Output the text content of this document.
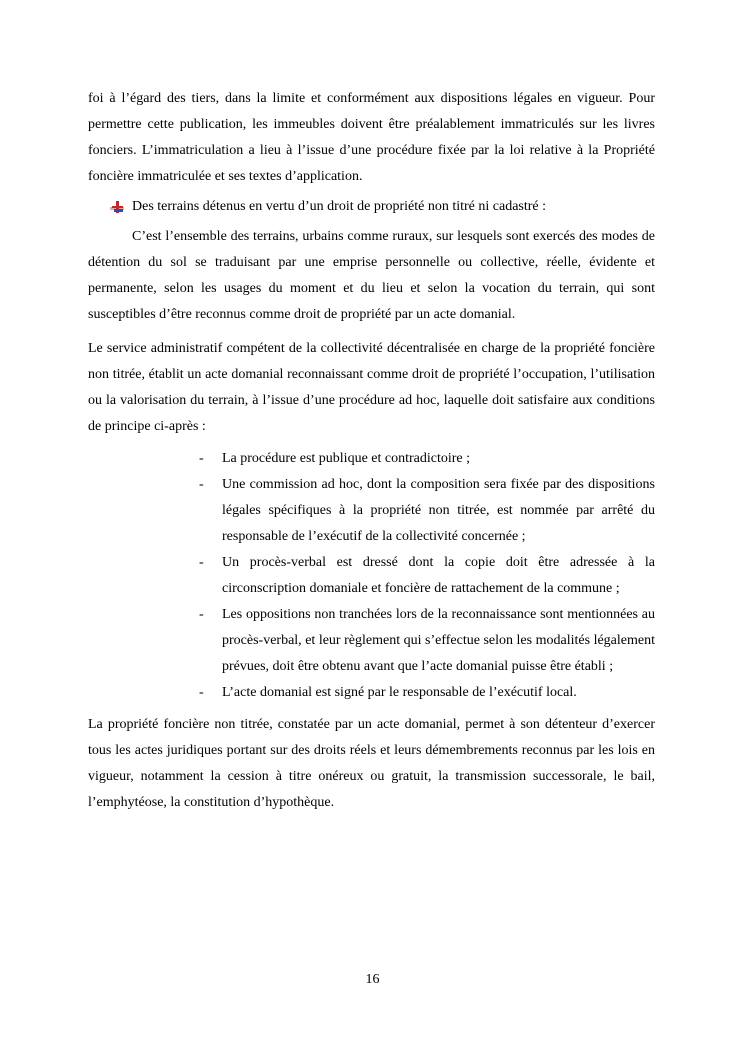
foi à l’égard des tiers, dans la limite et conformément aux dispositions légales en vigueur. Pour permettre cette publication, les immeubles doivent être préalablement immatriculés sur les livres fonciers. L’immatriculation a lieu à l’issue d’une procédure fixée par la loi relative à la Propriété foncière immatriculée et ses textes d’application.

Des terrains détenus en vertu d’un droit de propriété non titré ni cadastré :

C’est l’ensemble des terrains, urbains comme ruraux, sur lesquels sont exercés des modes de détention du sol se traduisant par une emprise personnelle ou collective, réelle, évidente et permanente, selon les usages du moment et du lieu et selon la vocation du terrain, qui sont susceptibles d’être reconnus comme droit de propriété par un acte domanial.

Le service administratif compétent de la collectivité décentralisée en charge de la propriété foncière non titrée, établit un acte domanial reconnaissant comme droit de propriété l’occupation, l’utilisation ou la valorisation du terrain, à l’issue d’une procédure ad hoc, laquelle doit satisfaire aux conditions de principe ci-après :

- La procédure est publique et contradictoire ;
- Une commission ad hoc, dont la composition sera fixée par des dispositions légales spécifiques à la propriété non titrée, est nommée par arrêté du responsable de l’exécutif de la collectivité concernée ;
- Un procès-verbal est dressé dont la copie doit être adressée à la circonscription domaniale et foncière de rattachement de la commune ;
- Les oppositions non tranchées lors de la reconnaissance sont mentionnées au procès-verbal, et leur règlement qui s’effectue selon les modalités légalement prévues, doit être obtenu avant que l’acte domanial puisse être établi ;
- L’acte domanial est signé par le responsable de l’exécutif local.

La propriété foncière non titrée, constatée par un acte domanial, permet à son détenteur d’exercer tous les actes juridiques portant sur des droits réels et leurs démembrements reconnus par les lois en vigueur, notamment la cession à titre onéreux ou gratuit, la transmission successorale, le bail, l’emphytéose, la constitution d’hypothèque.

16
